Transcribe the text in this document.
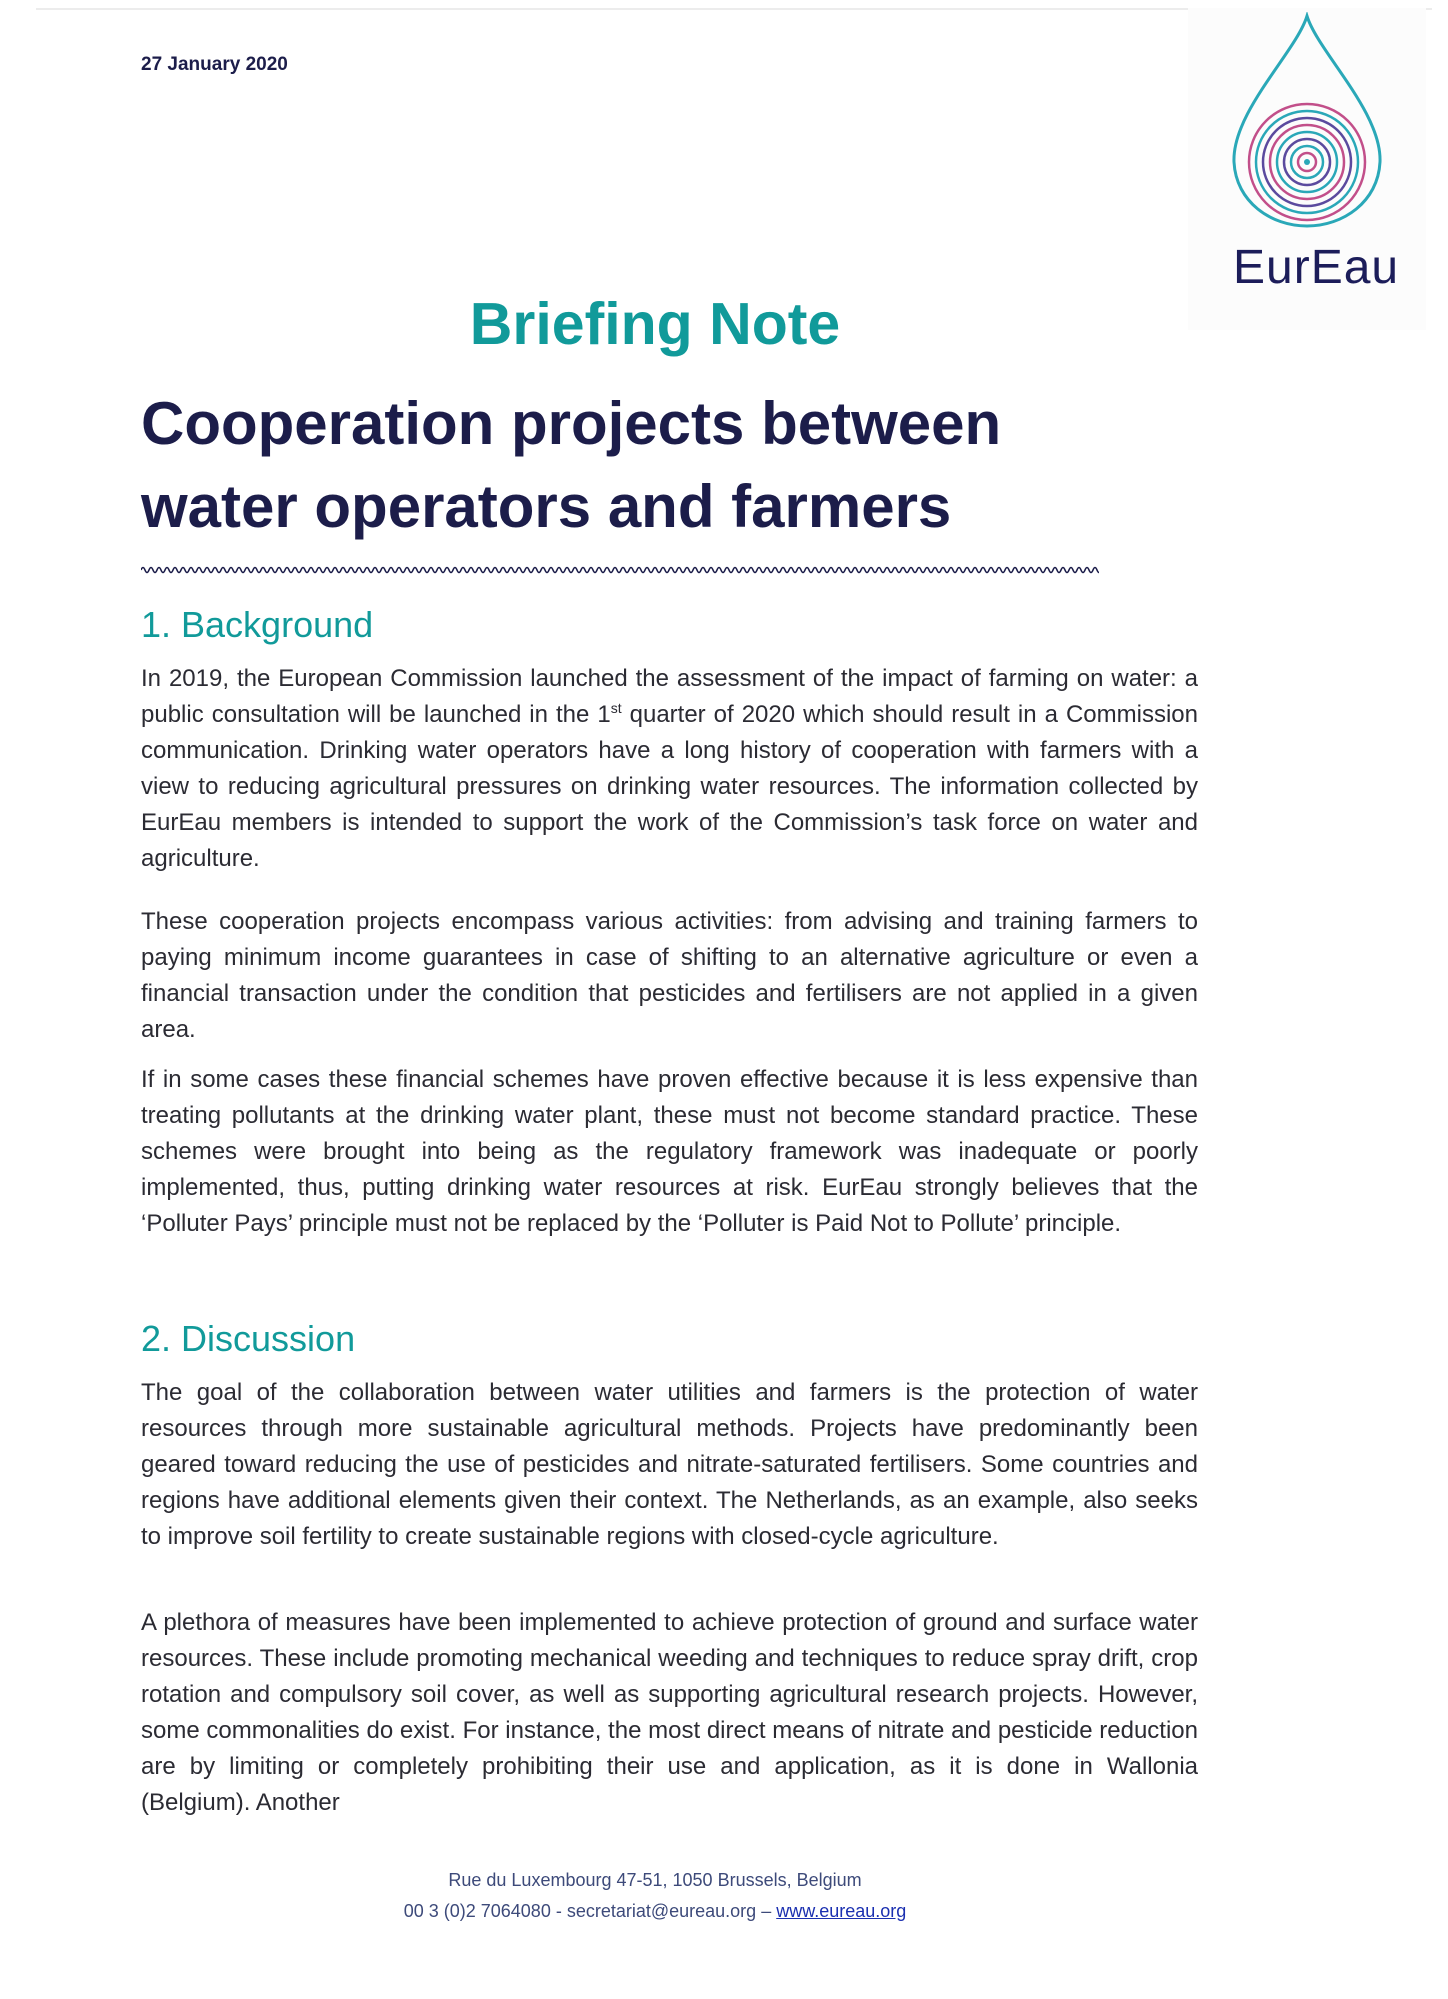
27 January 2020
EurEau
Briefing Note
Cooperation projects between
water operators and farmers
1. Background

In 2019, the European Commission launched the assessment of the impact of farming on water: a public consultation will be launched in the 1st quarter of 2020 which should result in a Commission communication. Drinking water operators have a long history of cooperation with farmers with a view to reducing agricultural pressures on drinking water resources. The information collected by EurEau members is intended to support the work of the Commission’s task force on water and agriculture.

These cooperation projects encompass various activities: from advising and training farmers to paying minimum income guarantees in case of shifting to an alternative agriculture or even a financial transaction under the condition that pesticides and fertilisers are not applied in a given area.

If in some cases these financial schemes have proven effective because it is less expensive than treating pollutants at the drinking water plant, these must not become standard practice. These schemes were brought into being as the regulatory framework was inadequate or poorly implemented, thus, putting drinking water resources at risk. EurEau strongly believes that the ‘Polluter Pays’ principle must not be replaced by the ‘Polluter is Paid Not to Pollute’ principle.

2. Discussion

The goal of the collaboration between water utilities and farmers is the protection of water resources through more sustainable agricultural methods. Projects have predominantly been geared toward reducing the use of pesticides and nitrate-saturated fertilisers. Some countries and regions have additional elements given their context. The Netherlands, as an example, also seeks to improve soil fertility to create sustainable regions with closed-cycle agriculture.

A plethora of measures have been implemented to achieve protection of ground and surface water resources. These include promoting mechanical weeding and techniques to reduce spray drift, crop rotation and compulsory soil cover, as well as supporting agricultural research projects. However, some commonalities do exist. For instance, the most direct means of nitrate and pesticide reduction are by limiting or completely prohibiting their use and application, as it is done in Wallonia (Belgium). Another

Rue du Luxembourg 47-51, 1050 Brussels, Belgium
00 3 (0)2 7064080 - secretariat@eureau.org – www.eureau.org
